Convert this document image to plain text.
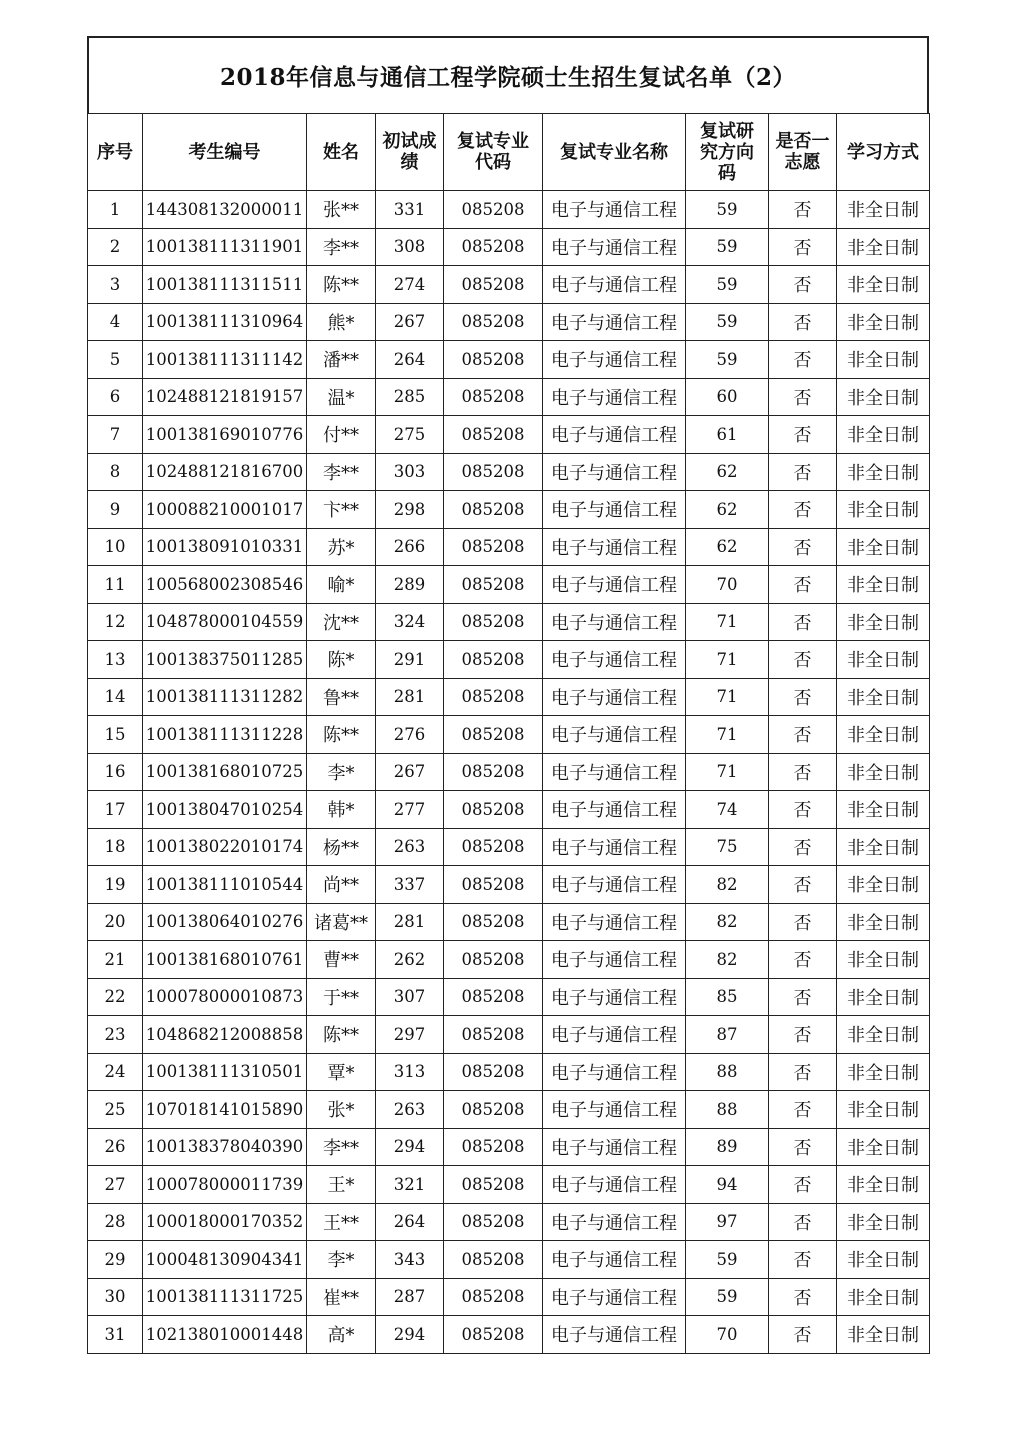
2018年信息与通信工程学院硕士生招生复试名单（2）
序号	考生编号	姓名	初试成绩	复试专业代码	复试专业名称	复试研究方向码	是否一志愿	学习方式
1	144308132000011	张**	331	085208	电子与通信工程	59	否	非全日制
2	100138111311901	李**	308	085208	电子与通信工程	59	否	非全日制
3	100138111311511	陈**	274	085208	电子与通信工程	59	否	非全日制
4	100138111310964	熊*	267	085208	电子与通信工程	59	否	非全日制
5	100138111311142	潘**	264	085208	电子与通信工程	59	否	非全日制
6	102488121819157	温*	285	085208	电子与通信工程	60	否	非全日制
7	100138169010776	付**	275	085208	电子与通信工程	61	否	非全日制
8	102488121816700	李**	303	085208	电子与通信工程	62	否	非全日制
9	100088210001017	卞**	298	085208	电子与通信工程	62	否	非全日制
10	100138091010331	苏*	266	085208	电子与通信工程	62	否	非全日制
11	100568002308546	喻*	289	085208	电子与通信工程	70	否	非全日制
12	104878000104559	沈**	324	085208	电子与通信工程	71	否	非全日制
13	100138375011285	陈*	291	085208	电子与通信工程	71	否	非全日制
14	100138111311282	鲁**	281	085208	电子与通信工程	71	否	非全日制
15	100138111311228	陈**	276	085208	电子与通信工程	71	否	非全日制
16	100138168010725	李*	267	085208	电子与通信工程	71	否	非全日制
17	100138047010254	韩*	277	085208	电子与通信工程	74	否	非全日制
18	100138022010174	杨**	263	085208	电子与通信工程	75	否	非全日制
19	100138111010544	尚**	337	085208	电子与通信工程	82	否	非全日制
20	100138064010276	诸葛**	281	085208	电子与通信工程	82	否	非全日制
21	100138168010761	曹**	262	085208	电子与通信工程	82	否	非全日制
22	100078000010873	于**	307	085208	电子与通信工程	85	否	非全日制
23	104868212008858	陈**	297	085208	电子与通信工程	87	否	非全日制
24	100138111310501	覃*	313	085208	电子与通信工程	88	否	非全日制
25	107018141015890	张*	263	085208	电子与通信工程	88	否	非全日制
26	100138378040390	李**	294	085208	电子与通信工程	89	否	非全日制
27	100078000011739	王*	321	085208	电子与通信工程	94	否	非全日制
28	100018000170352	王**	264	085208	电子与通信工程	97	否	非全日制
29	100048130904341	李*	343	085208	电子与通信工程	59	否	非全日制
30	100138111311725	崔**	287	085208	电子与通信工程	59	否	非全日制
31	102138010001448	高*	294	085208	电子与通信工程	70	否	非全日制
